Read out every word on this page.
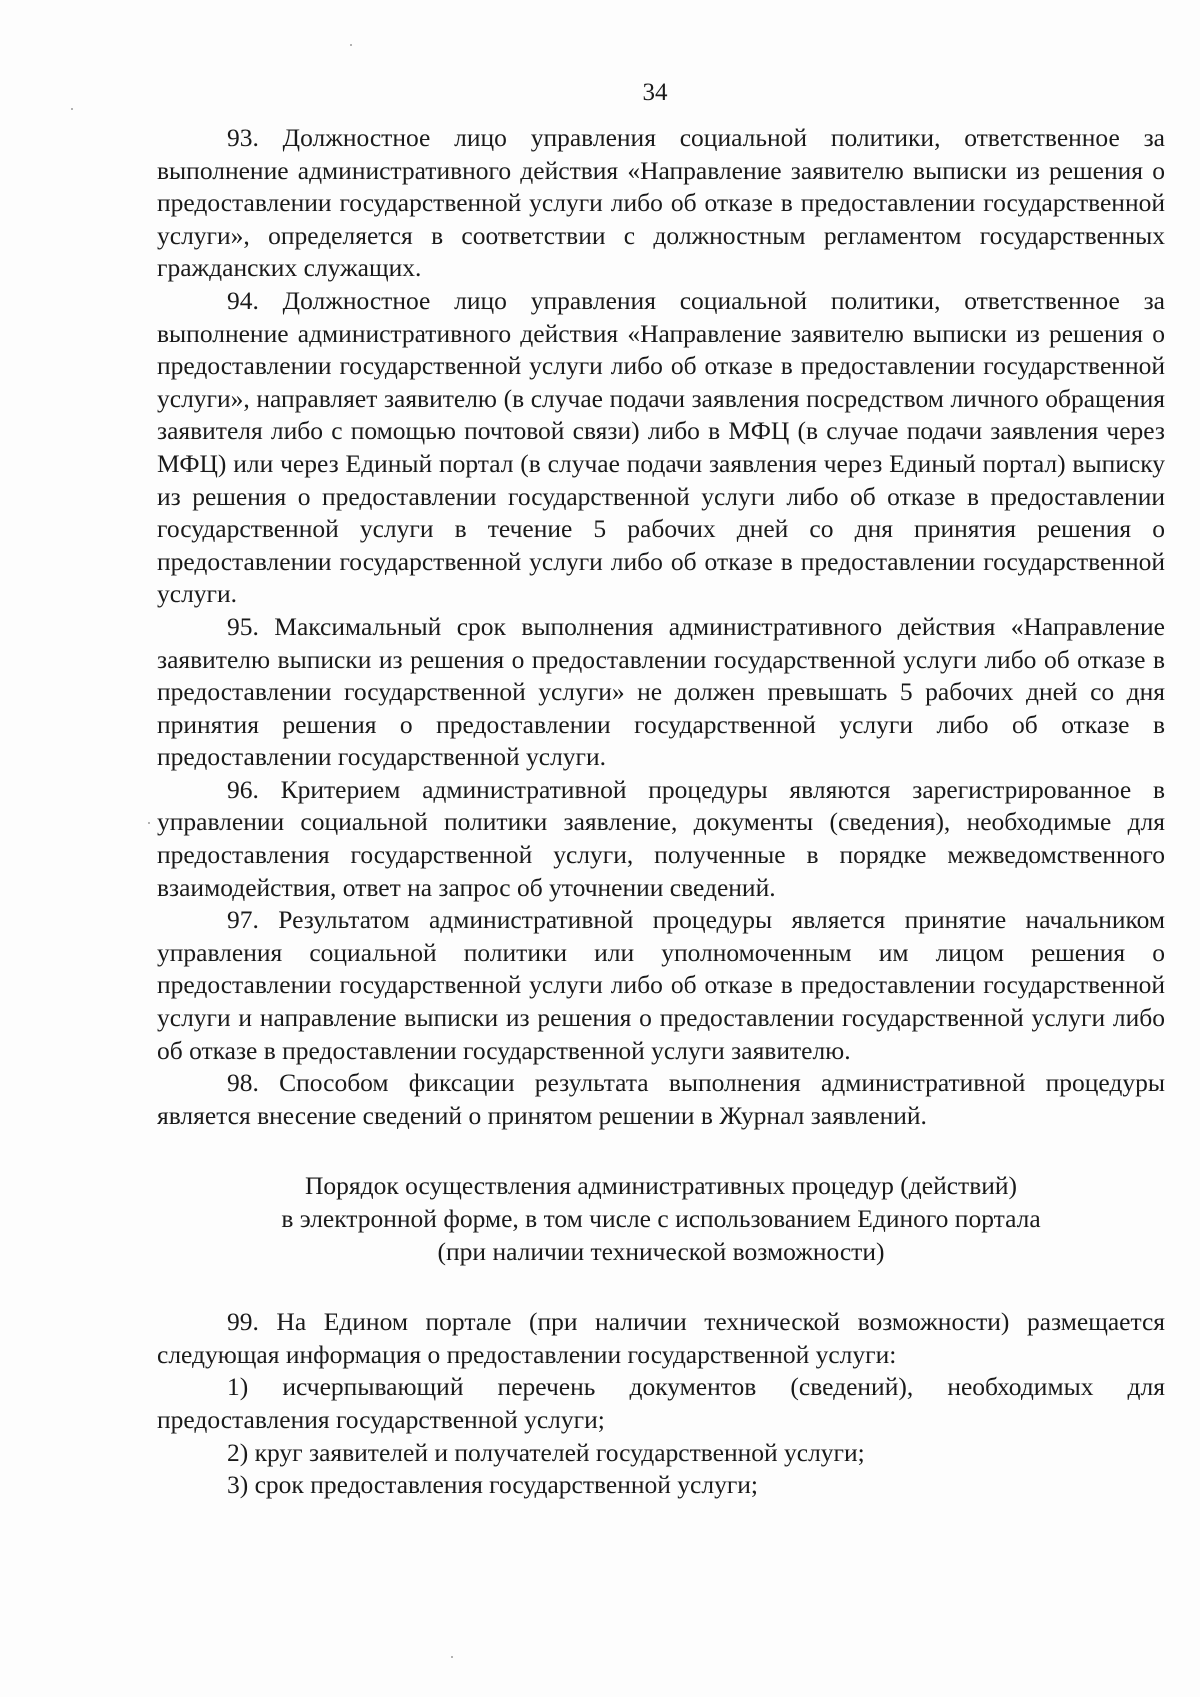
34

93. Должностное лицо управления социальной политики, ответственное за выполнение административного действия «Направление заявителю выписки из решения о предоставлении государственной услуги либо об отказе в предоставлении государственной услуги», определяется в соответствии с должностным регламентом государственных гражданских служащих.

94. Должностное лицо управления социальной политики, ответственное за выполнение административного действия «Направление заявителю выписки из решения о предоставлении государственной услуги либо об отказе в предоставлении государственной услуги», направляет заявителю (в случае подачи заявления посредством личного обращения заявителя либо с помощью почтовой связи) либо в МФЦ (в случае подачи заявления через МФЦ) или через Единый портал (в случае подачи заявления через Единый портал) выписку из решения о предоставлении государственной услуги либо об отказе в предоставлении государственной услуги в течение 5 рабочих дней со дня принятия решения о предоставлении государственной услуги либо об отказе в предоставлении государственной услуги.

95. Максимальный срок выполнения административного действия «Направление заявителю выписки из решения о предоставлении государственной услуги либо об отказе в предоставлении государственной услуги» не должен превышать 5 рабочих дней со дня принятия решения о предоставлении государственной услуги либо об отказе в предоставлении государственной услуги.

96. Критерием административной процедуры являются зарегистрированное в управлении социальной политики заявление, документы (сведения), необходимые для предоставления государственной услуги, полученные в порядке межведомственного взаимодействия, ответ на запрос об уточнении сведений.

97. Результатом административной процедуры является принятие начальником управления социальной политики или уполномоченным им лицом решения о предоставлении государственной услуги либо об отказе в предоставлении государственной услуги и направление выписки из решения о предоставлении государственной услуги либо об отказе в предоставлении государственной услуги заявителю.

98. Способом фиксации результата выполнения административной процедуры является внесение сведений о принятом решении в Журнал заявлений.

Порядок осуществления административных процедур (действий)
в электронной форме, в том числе с использованием Единого портала
(при наличии технической возможности)

99. На Едином портале (при наличии технической возможности) размещается следующая информация о предоставлении государственной услуги:

1) исчерпывающий перечень документов (сведений), необходимых для предоставления государственной услуги;

2) круг заявителей и получателей государственной услуги;

3) срок предоставления государственной услуги;
